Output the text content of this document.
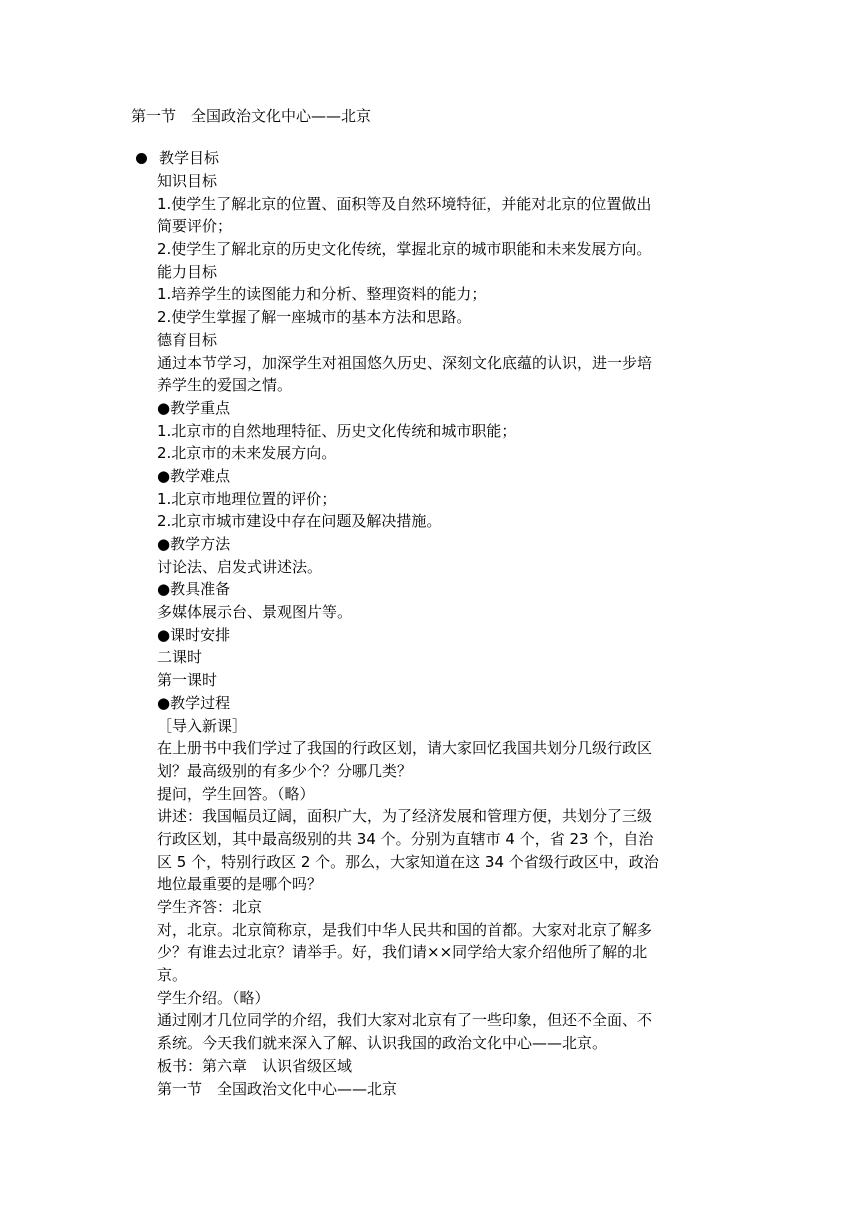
第一节　全国政治文化中心——北京
教学目标
知识目标
1.使学生了解北京的位置、面积等及自然环境特征，并能对北京的位置做出
简要评价；
2.使学生了解北京的历史文化传统，掌握北京的城市职能和未来发展方向。
能力目标
1.培养学生的读图能力和分析、整理资料的能力；
2.使学生掌握了解一座城市的基本方法和思路。
德育目标
通过本节学习，加深学生对祖国悠久历史、深刻文化底蕴的认识，进一步培
养学生的爱国之情。
●教学重点
1.北京市的自然地理特征、历史文化传统和城市职能；
2.北京市的未来发展方向。
●教学难点
1.北京市地理位置的评价；
2.北京市城市建设中存在问题及解决措施。
●教学方法
讨论法、启发式讲述法。
●教具准备
多媒体展示台、景观图片等。
●课时安排
二课时
第一课时
●教学过程
［导入新课］
在上册书中我们学过了我国的行政区划，请大家回忆我国共划分几级行政区
划？最高级别的有多少个？分哪几类？
提问，学生回答。（略）
讲述：我国幅员辽阔，面积广大，为了经济发展和管理方便，共划分了三级
行政区划，其中最高级别的共 34 个。分别为直辖市 4 个，省 23 个，自治
区 5 个，特别行政区 2 个。那么，大家知道在这 34 个省级行政区中，政治
地位最重要的是哪个吗？
学生齐答：北京
对，北京。北京简称京，是我们中华人民共和国的首都。大家对北京了解多
少？有谁去过北京？请举手。好，我们请××同学给大家介绍他所了解的北
京。
学生介绍。（略）
通过刚才几位同学的介绍，我们大家对北京有了一些印象，但还不全面、不
系统。今天我们就来深入了解、认识我国的政治文化中心——北京。
板书：第六章　认识省级区域
第一节　全国政治文化中心——北京
